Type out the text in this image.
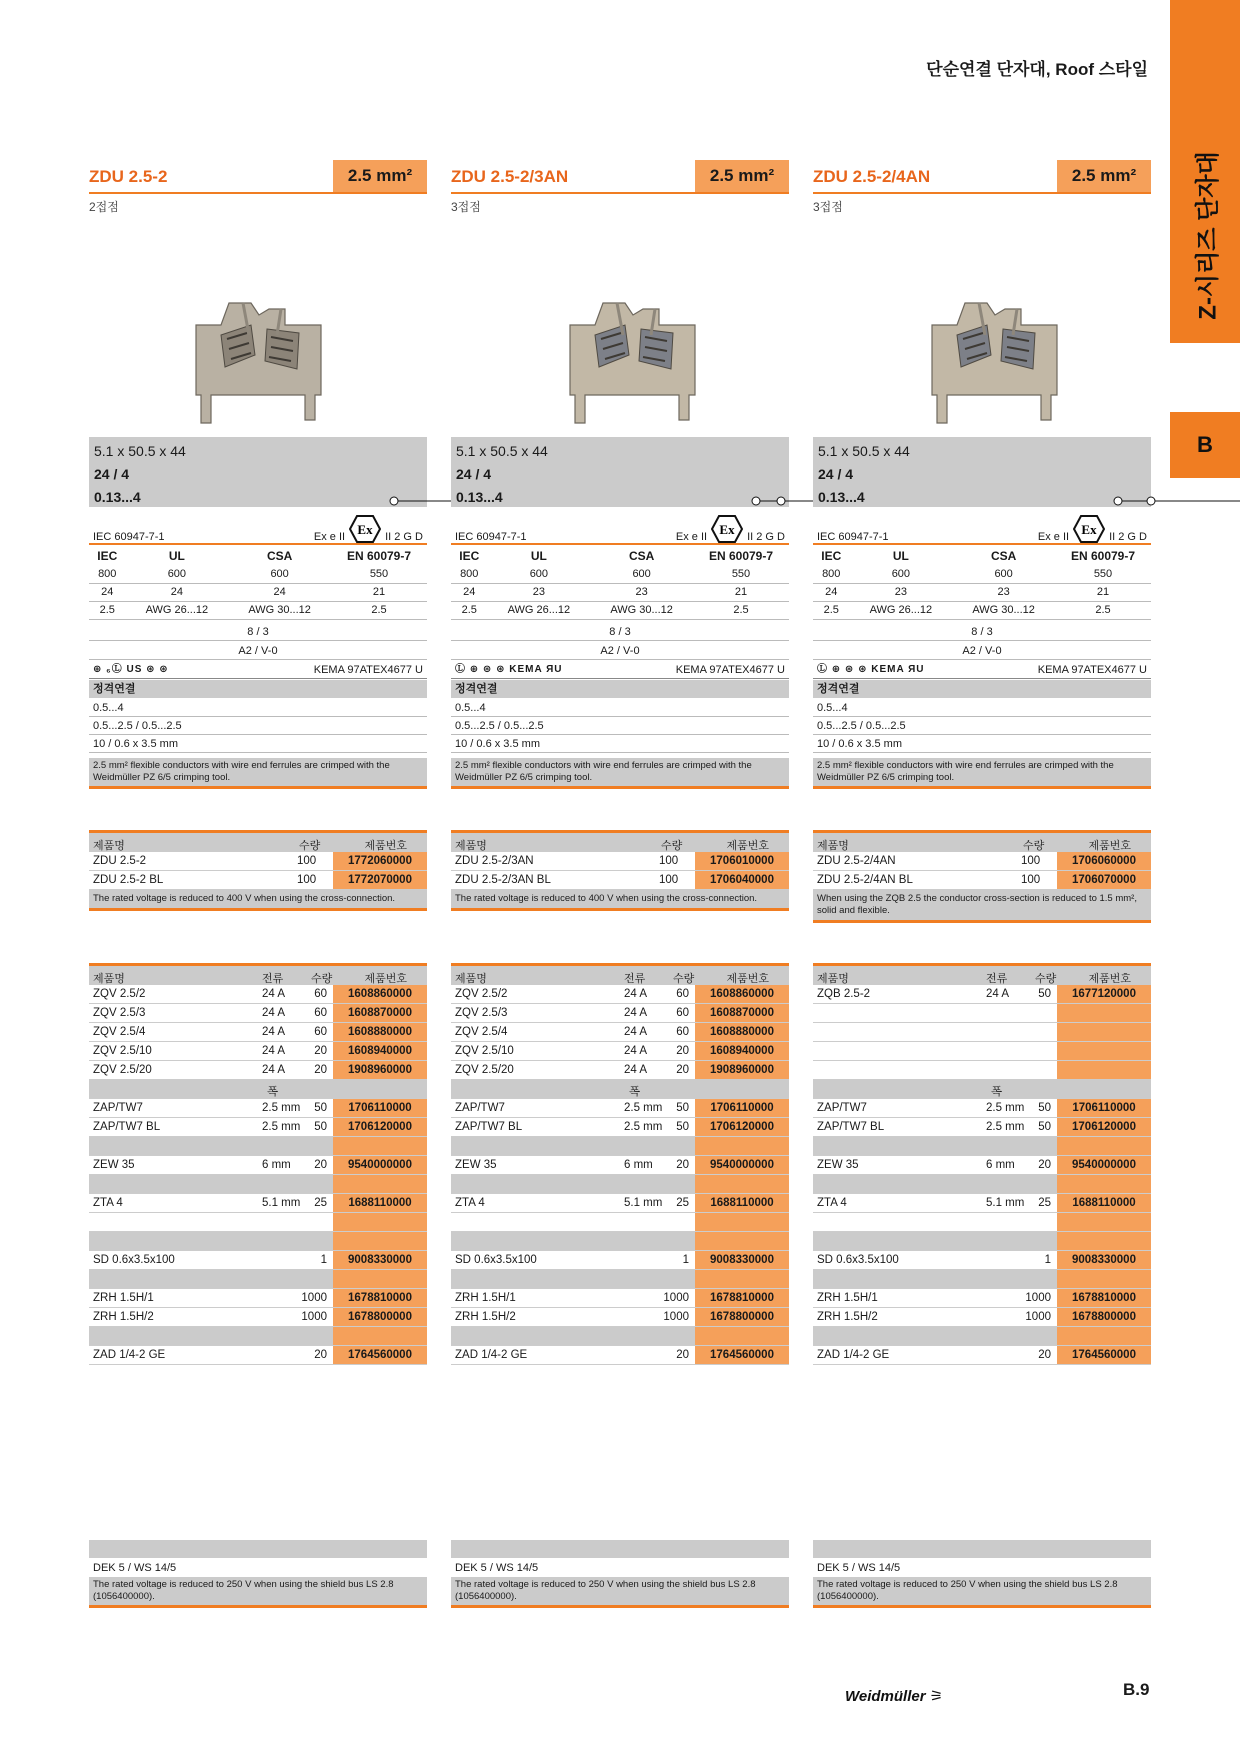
단순연결 단자대, Roof 스타일
Z-시리즈 단자대
B
ZDU 2.5-2	2.5 mm²
2접점
5.1 x 50.5 x 44
24 / 4
0.13...4
IEC 60947-7-1	Ex e II Ex II 2 G D
IEC	UL	CSA	EN 60079-7
800	600	600	550
24	24	24	21
2.5	AWG 26...12	AWG 30...12	2.5
8 / 3
A2 / V-0
⊕ ₆Ⓛ US ⊛ ⊛	KEMA 97ATEX4677 U
정격연결
0.5...4
0.5...2.5 / 0.5...2.5
10 / 0.6 x 3.5 mm
2.5 mm² flexible conductors with wire end ferrules are crimped with the Weidmüller PZ 6/5 crimping tool.
제품명	수량	제품번호
ZDU 2.5-2	100	1772060000
ZDU 2.5-2 BL	100	1772070000
The rated voltage is reduced to 400 V when using the cross-connection.
제품명	전류	수량	제품번호
ZQV 2.5/2	24 A	60	1608860000
ZQV 2.5/3	24 A	60	1608870000
ZQV 2.5/4	24 A	60	1608880000
ZQV 2.5/10	24 A	20	1608940000
ZQV 2.5/20	24 A	20	1908960000
폭
ZAP/TW7	2.5 mm 50	1706110000
ZAP/TW7 BL	2.5 mm 50	1706120000
ZEW 35	6 mm 20	9540000000
ZTA 4	5.1 mm 25	1688110000
SD 0.6x3.5x100	1	9008330000
ZRH 1.5H/1	1000	1678810000
ZRH 1.5H/2	1000	1678800000
ZAD 1/4-2 GE	20	1764560000
DEK 5 / WS 14/5
The rated voltage is reduced to 250 V when using the shield bus LS 2.8 (1056400000).
ZDU 2.5-2/3AN	2.5 mm²
3접점
5.1 x 50.5 x 44
24 / 4
0.13...4
IEC 60947-7-1	Ex e II Ex II 2 G D
IEC	UL	CSA	EN 60079-7
800	600	600	550
24	23	23	21
2.5	AWG 26...12	AWG 30...12	2.5
8 / 3
A2 / V-0
Ⓛ ⊕ ⊛ ⊛ KEMA ЯU	KEMA 97ATEX4677 U
정격연결
0.5...4
0.5...2.5 / 0.5...2.5
10 / 0.6 x 3.5 mm
2.5 mm² flexible conductors with wire end ferrules are crimped with the Weidmüller PZ 6/5 crimping tool.
제품명	수량	제품번호
ZDU 2.5-2/3AN	100	1706010000
ZDU 2.5-2/3AN BL	100	1706040000
The rated voltage is reduced to 400 V when using the cross-connection.
제품명	전류	수량	제품번호
ZQV 2.5/2	24 A	60	1608860000
ZQV 2.5/3	24 A	60	1608870000
ZQV 2.5/4	24 A	60	1608880000
ZQV 2.5/10	24 A	20	1608940000
ZQV 2.5/20	24 A	20	1908960000
폭
ZAP/TW7	2.5 mm 50	1706110000
ZAP/TW7 BL	2.5 mm 50	1706120000
ZEW 35	6 mm 20	9540000000
ZTA 4	5.1 mm 25	1688110000
SD 0.6x3.5x100	1	9008330000
ZRH 1.5H/1	1000	1678810000
ZRH 1.5H/2	1000	1678800000
ZAD 1/4-2 GE	20	1764560000
DEK 5 / WS 14/5
The rated voltage is reduced to 250 V when using the shield bus LS 2.8 (1056400000).
ZDU 2.5-2/4AN	2.5 mm²
3접점
5.1 x 50.5 x 44
24 / 4
0.13...4
IEC 60947-7-1	Ex e II Ex II 2 G D
IEC	UL	CSA	EN 60079-7
800	600	600	550
24	23	23	21
2.5	AWG 26...12	AWG 30...12	2.5
8 / 3
A2 / V-0
Ⓛ ⊕ ⊛ ⊛ KEMA ЯU	KEMA 97ATEX4677 U
정격연결
0.5...4
0.5...2.5 / 0.5...2.5
10 / 0.6 x 3.5 mm
2.5 mm² flexible conductors with wire end ferrules are crimped with the Weidmüller PZ 6/5 crimping tool.
제품명	수량	제품번호
ZDU 2.5-2/4AN	100	1706060000
ZDU 2.5-2/4AN BL	100	1706070000
When using the ZQB 2.5 the conductor cross-section is reduced to 1.5 mm², solid and flexible.
제품명	전류	수량	제품번호
ZQB 2.5-2	24 A	50	1677120000
폭
ZAP/TW7	2.5 mm 50	1706110000
ZAP/TW7 BL	2.5 mm 50	1706120000
ZEW 35	6 mm 20	9540000000
ZTA 4	5.1 mm 25	1688110000
SD 0.6x3.5x100	1	9008330000
ZRH 1.5H/1	1000	1678810000
ZRH 1.5H/2	1000	1678800000
ZAD 1/4-2 GE	20	1764560000
DEK 5 / WS 14/5
The rated voltage is reduced to 250 V when using the shield bus LS 2.8 (1056400000).
Weidmüller ⚞	B.9
